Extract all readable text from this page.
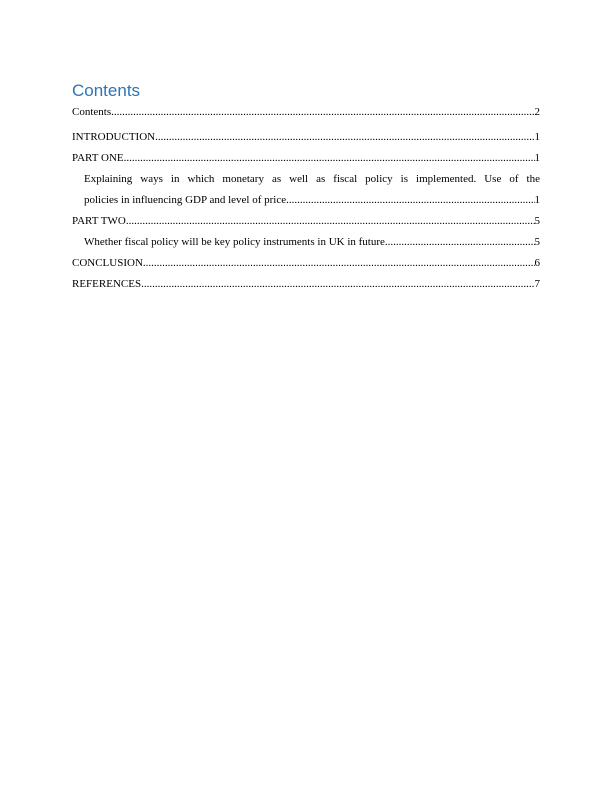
Contents
Contents .....	2
INTRODUCTION .....	1
PART ONE .....	1
Explaining ways in which monetary as well as fiscal policy is implemented. Use of the
policies in influencing GDP and level of price .....	1
PART TWO .....	5
Whether fiscal policy will be key policy instruments in UK in future .....	5
CONCLUSION .....	6
REFERENCES .....	7
